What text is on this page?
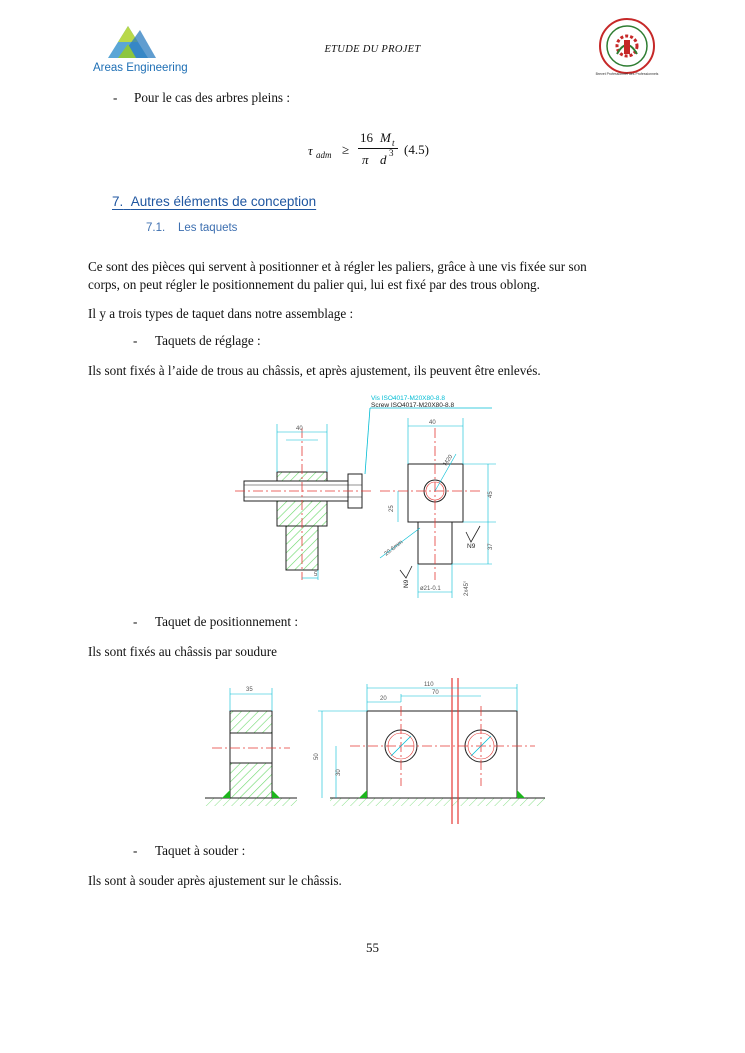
Areas Engineering
ETUDE DU PROJET
Brevet Professionnel des Professionnels
- Pour le cas des arbres pleins :
τ adm ≥
16 M t
π d 3 (4.5)
7. Autres éléments de conception
7.1. Les taquets
Ce sont des pièces qui servent à positionner et à régler les paliers, grâce à une vis fixée sur son
corps, on peut régler le positionnement du palier qui, lui est fixé par des trous oblong.
Il y a trois types de taquet dans notre assemblage :
- Taquets de réglage :
Ils sont fixés à l’aide de trous au châssis, et après ajustement, ils peuvent être enlevés.
Vis ISO4017-M20X80-8.8
Screw ISO4017-M20X80-8.8
40
5
40
45
25
37
M20
20.6mm	N9
N9
ø21-0.1	2x45°
- Taquet de positionnement :
Ils sont fixés au châssis par soudure
35
110
20
70
50
30
- Taquet à souder :
Ils sont à souder après ajustement sur le châssis.
55
